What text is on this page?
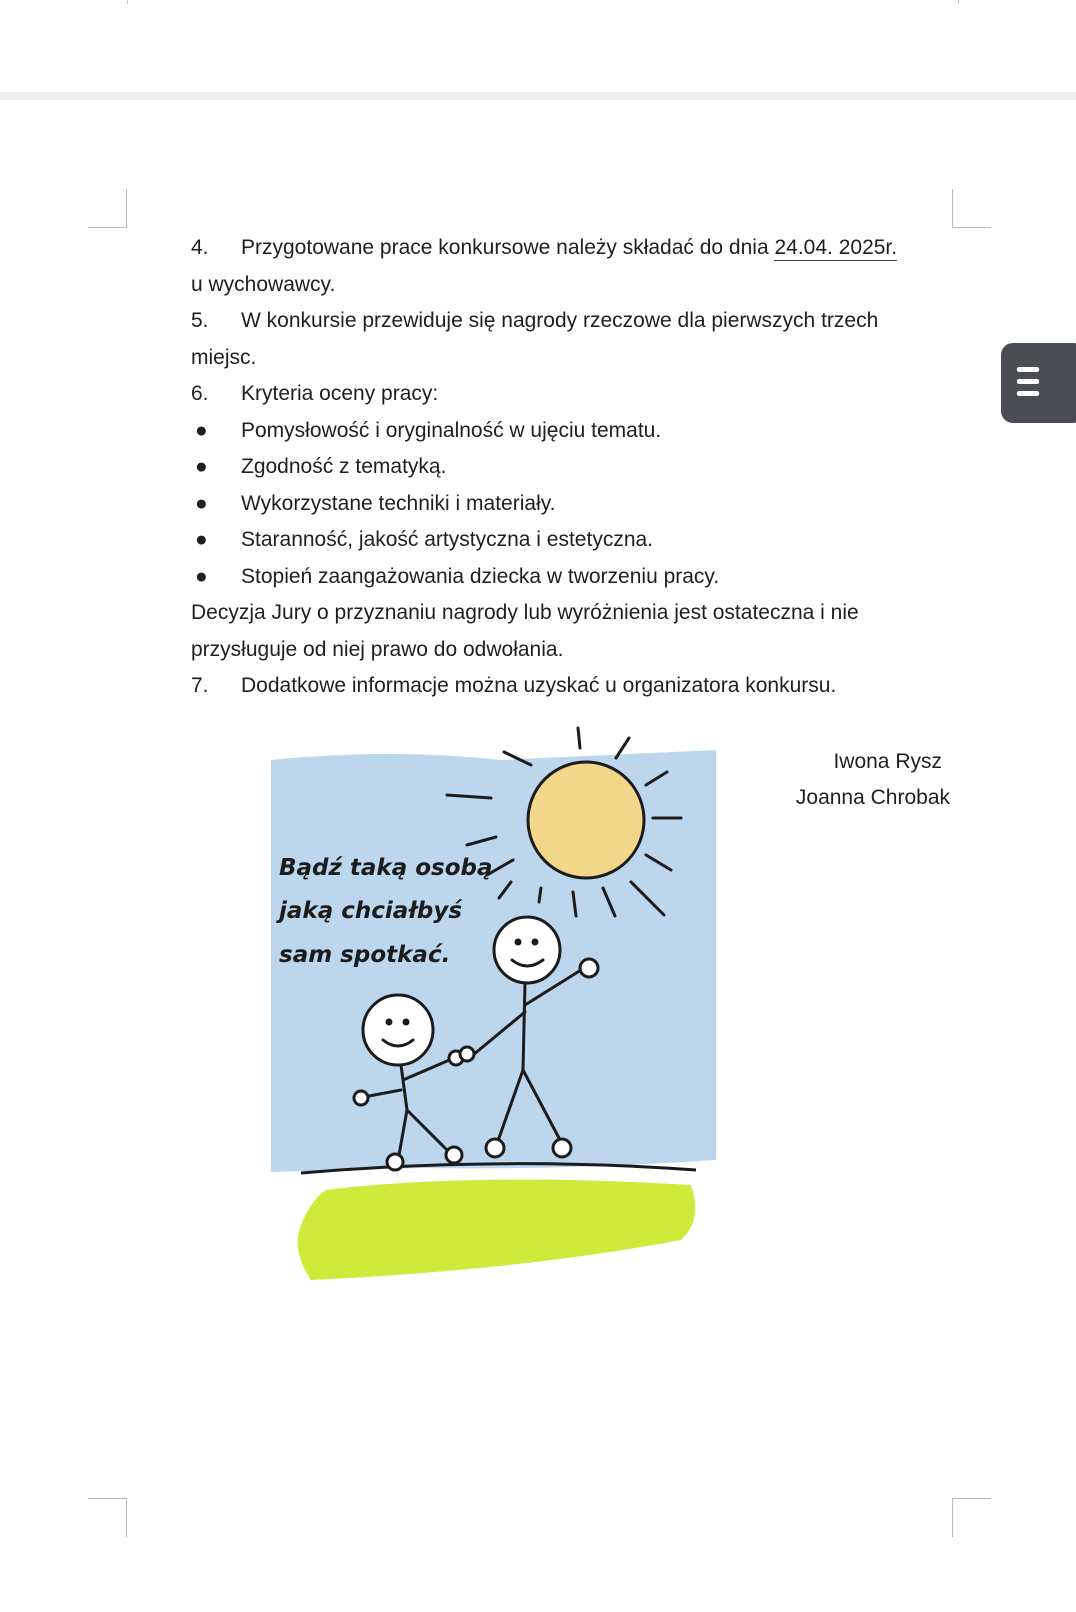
4. Przygotowane prace konkursowe należy składać do dnia 24.04. 2025r.
u wychowawcy.
5. W konkursie przewiduje się nagrody rzeczowe dla pierwszych trzech
miejsc.
6. Kryteria oceny pracy:
● Pomysłowość i oryginalność w ujęciu tematu.
● Zgodność z tematyką.
● Wykorzystane techniki i materiały.
● Staranność, jakość artystyczna i estetyczna.
● Stopień zaangażowania dziecka w tworzeniu pracy.
Decyzja Jury o przyznaniu nagrody lub wyróżnienia jest ostateczna i nie
przysługuje od niej prawo do odwołania.
7. Dodatkowe informacje można uzyskać u organizatora konkursu.
Iwona Rysz
Joanna Chrobak
Bądź taką osobą
jaką chciałbyś
sam spotkać.
